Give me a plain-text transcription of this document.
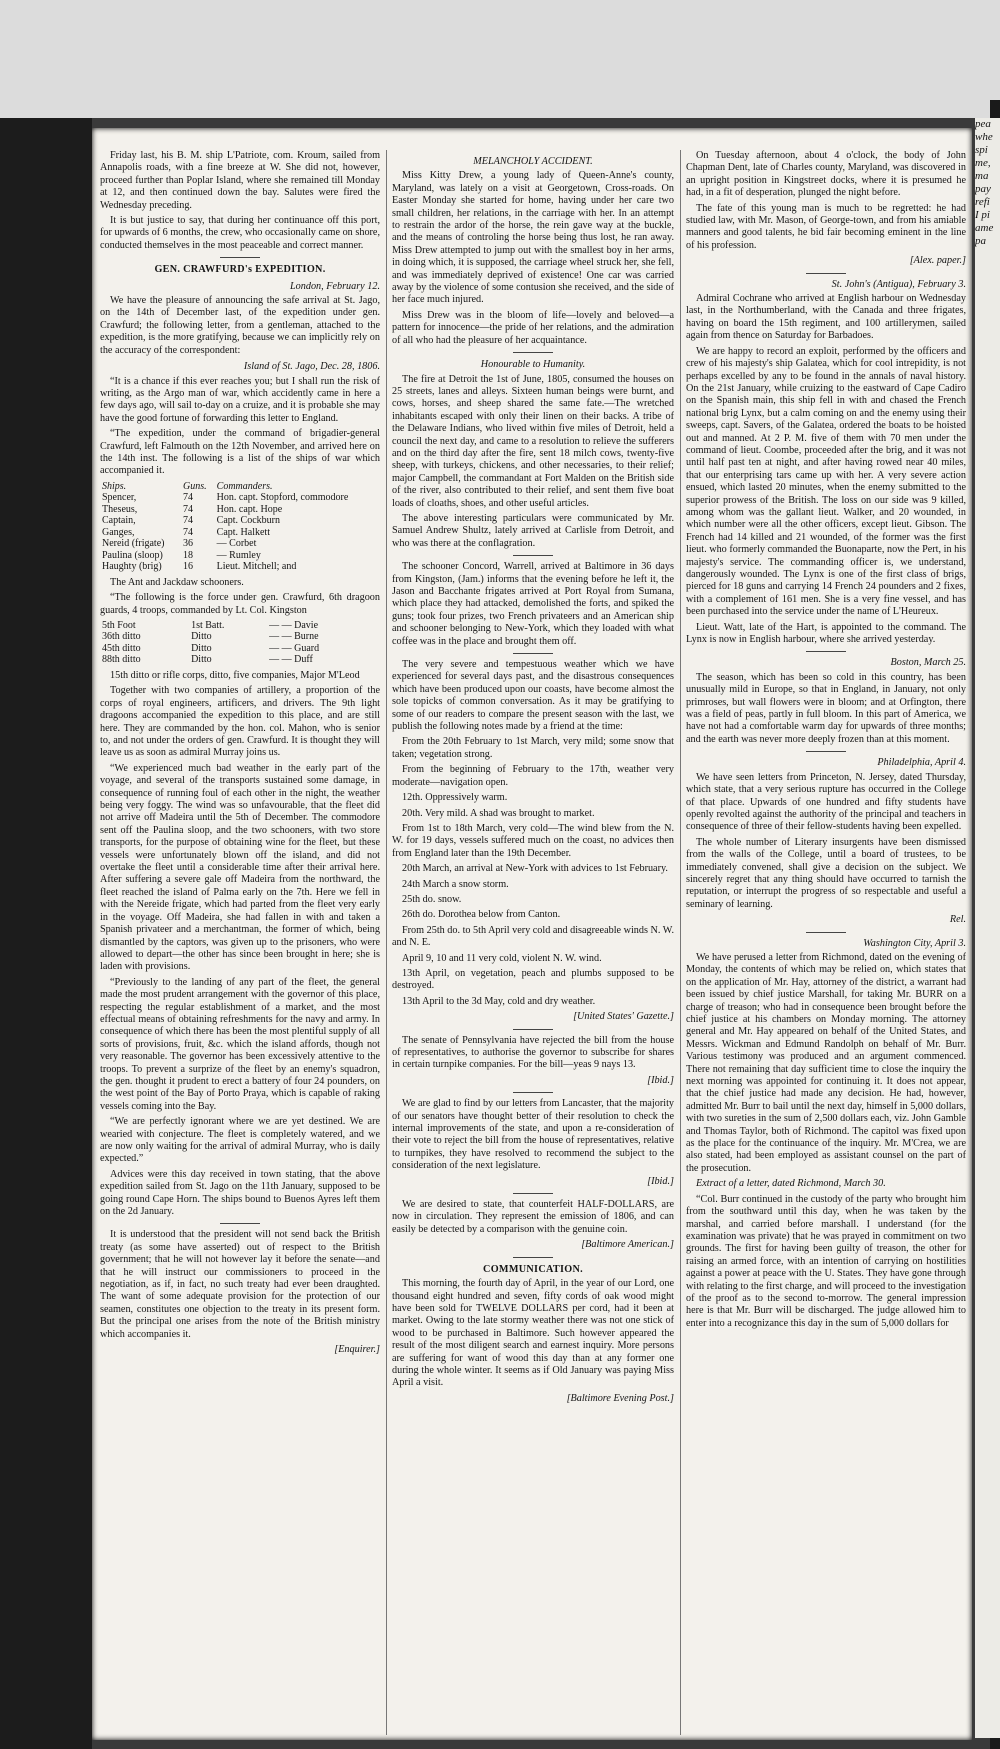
Friday last, his B. M. ship L'Patriote, com. Kroum, sailed from Annapolis roads, with a fine breeze at W. She did not, however, proceed further than Poplar Island, where she remained till Monday at 12, and then continued down the bay. Salutes were fired the Wednesday preceding.

It is but justice to say, that during her continuance off this port, for upwards of 6 months, the crew, who occasionally came on shore, conducted themselves in the most peaceable and correct manner.

GEN. CRAWFURD's EXPEDITION.

London, February 12.

We have the pleasure of announcing the safe arrival at St. Jago, on the 14th of December last, of the expedition under gen. Crawfurd; the following letter, from a gentleman, attached to the expedition, is the more gratifying, because we can implicitly rely on the accuracy of the correspondent:

Island of St. Jago, Dec. 28, 1806.

“It is a chance if this ever reaches you; but I shall run the risk of writing, as the Argo man of war, which accidently came in here a few days ago, will sail to-day on a cruize, and it is probable she may have the good fortune of forwarding this letter to England.

“The expedition, under the command of brigadier-general Crawfurd, left Falmouth on the 12th November, and arrived here on the 14th inst. The following is a list of the ships of war which accompanied it.

Ships.	Guns.	Commanders.
Spencer,	74	Hon. capt. Stopford, commodore
Theseus,	74	Hon. capt. Hope
Captain,	74	Capt. Cockburn
Ganges,	74	Capt. Halkett
Nereid (frigate)	36	— Corbet
Paulina (sloop)	18	— Rumley
Haughty (brig)	16	Lieut. Mitchell; and

The Ant and Jackdaw schooners.

“The following is the force under gen. Crawfurd, 6th dragoon guards, 4 troops, commanded by Lt. Col. Kingston

5th Foot	1st Batt.	— — Davie
36th ditto	Ditto	— — Burne
45th ditto	Ditto	— — Guard
88th ditto	Ditto	— — Duff

15th ditto or rifle corps, ditto, five companies, Major M'Leod

Together with two companies of artillery, a proportion of the corps of royal engineers, artificers, and drivers. The 9th light dragoons accompanied the expedition to this place, and are still here. They are commanded by the hon. col. Mahon, who is senior to, and not under the orders of gen. Crawfurd. It is thought they will leave us as soon as admiral Murray joins us.

“We experienced much bad weather in the early part of the voyage, and several of the transports sustained some damage, in consequence of running foul of each other in the night, the weather being very foggy. The wind was so unfavourable, that the fleet did not arrive off Madeira until the 5th of December. The commodore sent off the Paulina sloop, and the two schooners, with two store transports, for the purpose of obtaining wine for the fleet, but these vessels were unfortunately blown off the island, and did not overtake the fleet until a considerable time after their arrival here. After suffering a severe gale off Madeira from the northward, the fleet reached the island of Palma early on the 7th. Here we fell in with the Nereide frigate, which had parted from the fleet very early in the voyage. Off Madeira, she had fallen in with and taken a Spanish privateer and a merchantman, the former of which, being dismantled by the captors, was given up to the prisoners, who were allowed to depart—the other has since been brought in here; she is laden with provisions.

“Previously to the landing of any part of the fleet, the general made the most prudent arrangement with the governor of this place, respecting the regular establishment of a market, and the most effectual means of obtaining refreshments for the navy and army. In consequence of which there has been the most plentiful supply of all sorts of provisions, fruit, &c. which the island affords, though not very reasonable. The governor has been excessively attentive to the troops. To prevent a surprize of the fleet by an enemy's squadron, the gen. thought it prudent to erect a battery of four 24 pounders, on the west point of the Bay of Porto Praya, which is capable of raking vessels coming into the Bay.

“We are perfectly ignorant where we are yet destined. We are wearied with conjecture. The fleet is completely watered, and we are now only waiting for the arrival of admiral Murray, who is daily expected.”

Advices were this day received in town stating, that the above expedition sailed from St. Jago on the 11th January, supposed to be going round Cape Horn. The ships bound to Buenos Ayres left them on the 2d January.

It is understood that the president will not send back the British treaty (as some have asserted) out of respect to the British government; that he will not however lay it before the senate—and that he will instruct our commissioners to proceed in the negotiation, as if, in fact, no such treaty had ever been draughted. The want of some adequate provision for the protection of our seamen, constitutes one objection to the treaty in its present form. But the principal one arises from the note of the British ministry which accompanies it.

[Enquirer.]

MELANCHOLY ACCIDENT.

Miss Kitty Drew, a young lady of Queen-Anne's county, Maryland, was lately on a visit at Georgetown, Cross-roads. On Easter Monday she started for home, having under her care two small children, her relations, in the carriage with her. In an attempt to restrain the ardor of the horse, the rein gave way at the buckle, and the means of controling the horse being thus lost, he ran away. Miss Drew attempted to jump out with the smallest boy in her arms, in doing which, it is supposed, the carriage wheel struck her, she fell, and was immediately deprived of existence! One car was carried away by the violence of some contusion she received, and the side of her face much injured.

Miss Drew was in the bloom of life—lovely and beloved—a pattern for innocence—the pride of her relations, and the admiration of all who had the pleasure of her acquaintance.

Honourable to Humanity.

The fire at Detroit the 1st of June, 1805, consumed the houses on 25 streets, lanes and alleys. Sixteen human beings were burnt, and cows, horses, and sheep shared the same fate.—The wretched inhabitants escaped with only their linen on their backs. A tribe of the Delaware Indians, who lived within five miles of Detroit, held a council the next day, and came to a resolution to relieve the sufferers and on the third day after the fire, sent 18 milch cows, twenty-five sheep, with turkeys, chickens, and other necessaries, to their relief; major Campbell, the commandant at Fort Malden on the British side of the river, also contributed to their relief, and sent them five boat loads of cloaths, shoes, and other useful articles.

The above interesting particulars were communicated by Mr. Samuel Andrew Shultz, lately arrived at Carlisle from Detroit, and who was there at the conflagration.

The schooner Concord, Warrell, arrived at Baltimore in 36 days from Kingston, (Jam.) informs that the evening before he left it, the Jason and Bacchante frigates arrived at Port Royal from Sumana, which place they had attacked, demolished the forts, and spiked the guns; took four prizes, two French privateers and an American ship and schooner belonging to New-York, which they loaded with what coffee was in the place and brought them off.

The very severe and tempestuous weather which we have experienced for several days past, and the disastrous consequences which have been produced upon our coasts, have become almost the sole topicks of common conversation. As it may be gratifying to some of our readers to compare the present season with the last, we publish the following notes made by a friend at the time:

From the 20th February to 1st March, very mild; some snow that taken; vegetation strong.

From the beginning of February to the 17th, weather very moderate—navigation open.

12th. Oppressively warm.

20th. Very mild. A shad was brought to market.

From 1st to 18th March, very cold—The wind blew from the N. W. for 19 days, vessels suffered much on the coast, no advices then from England later than the 19th December.

20th March, an arrival at New-York with advices to 1st February.

24th March a snow storm.

25th do. snow.

26th do. Dorothea below from Canton.

From 25th do. to 5th April very cold and disagreeable winds N. W. and N. E.

April 9, 10 and 11 very cold, violent N. W. wind.

13th April, on vegetation, peach and plumbs supposed to be destroyed.

13th April to the 3d May, cold and dry weather.

[United States' Gazette.]

The senate of Pennsylvania have rejected the bill from the house of representatives, to authorise the governor to subscribe for shares in certain turnpike companies. For the bill—yeas 9 nays 13.

[Ibid.]

We are glad to find by our letters from Lancaster, that the majority of our senators have thought better of their resolution to check the internal improvements of the state, and upon a re-consideration of their vote to reject the bill from the house of representatives, relative to turnpikes, they have resolved to recommend the subject to the consideration of the next legislature.

[Ibid.]

We are desired to state, that counterfeit HALF-DOLLARS, are now in circulation. They represent the emission of 1806, and can easily be detected by a comparison with the genuine coin.

[Baltimore American.]

COMMUNICATION.

This morning, the fourth day of April, in the year of our Lord, one thousand eight hundred and seven, fifty cords of oak wood might have been sold for TWELVE DOLLARS per cord, had it been at market. Owing to the late stormy weather there was not one stick of wood to be purchased in Baltimore. Such however appeared the result of the most diligent search and earnest inquiry. More persons are suffering for want of wood this day than at any former one during the whole winter. It seems as if Old January was paying Miss April a visit.

[Baltimore Evening Post.]

On Tuesday afternoon, about 4 o'clock, the body of John Chapman Dent, late of Charles county, Maryland, was discovered in an upright position in Kingstreet docks, where it is presumed he had, in a fit of desperation, plunged the night before.

The fate of this young man is much to be regretted: he had studied law, with Mr. Mason, of George-town, and from his amiable manners and good talents, he bid fair becoming eminent in the line of his profession.

[Alex. paper.]

St. John's (Antigua), February 3.

Admiral Cochrane who arrived at English harbour on Wednesday last, in the Northumberland, with the Canada and three frigates, having on board the 15th regiment, and 100 artillerymen, sailed again from thence on Saturday for Barbadoes.

We are happy to record an exploit, performed by the officers and crew of his majesty's ship Galatea, which for cool intrepidity, is not perhaps excelled by any to be found in the annals of naval history. On the 21st January, while cruizing to the eastward of Cape Cadiro on the Spanish main, this ship fell in with and chased the French national brig Lynx, but a calm coming on and the enemy using their sweeps, capt. Savers, of the Galatea, ordered the boats to be hoisted out and manned. At 2 P. M. five of them with 70 men under the command of lieut. Coombe, proceeded after the brig, and it was not until half past ten at night, and after having rowed near 40 miles, that our enterprising tars came up with her. A very severe action ensued, which lasted 20 minutes, when the enemy submitted to the superior prowess of the British. The loss on our side was 9 killed, among whom was the gallant lieut. Walker, and 20 wounded, in which number were all the other officers, except lieut. Gibson. The French had 14 killed and 21 wounded, of the former was the first lieut. who formerly commanded the Buonaparte, now the Pert, in his majesty's service. The commanding officer is, we understand, dangerously wounded. The Lynx is one of the first class of brigs, pierced for 18 guns and carrying 14 French 24 pounders and 2 fixes, with a complement of 161 men. She is a very fine vessel, and has been purchased into the service under the name of L'Heureux.

Lieut. Watt, late of the Hart, is appointed to the command. The Lynx is now in English harbour, where she arrived yesterday.

Boston, March 25.

The season, which has been so cold in this country, has been unusually mild in Europe, so that in England, in January, not only primroses, but wall flowers were in bloom; and at Orfington, there was a field of peas, partly in full bloom. In this part of America, we have not had a comfortable warm day for upwards of three months; and the earth was never more deeply frozen than at this moment.

Philadelphia, April 4.

We have seen letters from Princeton, N. Jersey, dated Thursday, which state, that a very serious rupture has occurred in the College of that place. Upwards of one hundred and fifty students have openly revolted against the authority of the principal and teachers in consequence of three of their fellow-students having been expelled.

The whole number of Literary insurgents have been dismissed from the walls of the College, until a board of trustees, to be immediately convened, shall give a decision on the subject. We sincerely regret that any thing should have occurred to tarnish the reputation, or interrupt the progress of so respectable and useful a seminary of learning.

Rel.

Washington City, April 3.

We have perused a letter from Richmond, dated on the evening of Monday, the contents of which may be relied on, which states that on the application of Mr. Hay, attorney of the district, a warrant had been issued by chief justice Marshall, for taking Mr. BURR on a charge of treason; who had in consequence been brought before the chief justice at his chambers on Monday morning. The attorney general and Mr. Hay appeared on behalf of the United States, and Messrs. Wickman and Edmund Randolph on behalf of Mr. Burr. Various testimony was produced and an argument commenced. There not remaining that day sufficient time to close the inquiry the next morning was appointed for continuing it. It does not appear, that the chief justice had made any decision. He had, however, admitted Mr. Burr to bail until the next day, himself in 5,000 dollars, with two sureties in the sum of 2,500 dollars each, viz. John Gamble and Thomas Taylor, both of Richmond. The capitol was fixed upon as the place for the continuance of the inquiry. Mr. M'Crea, we are also stated, had been employed as assistant counsel on the part of the prosecution.

Extract of a letter, dated Richmond, March 30.

“Col. Burr continued in the custody of the party who brought him from the southward until this day, when he was taken by the marshal, and carried before marshall. I understand (for the examination was private) that he was prayed in commitment on two grounds. The first for having been guilty of treason, the other for raising an armed force, with an intention of carrying on hostilities against a power at peace with the U. States. They have gone through with relating to the first charge, and will proceed to the investigation of the proof as to the second to-morrow. The general impression here is that Mr. Burr will be discharged. The judge allowed him to enter into a recognizance this day in the sum of 5,000 dollars for

pea
whe
spi
me,
ma
pay
refi
I pi
ame
pa
